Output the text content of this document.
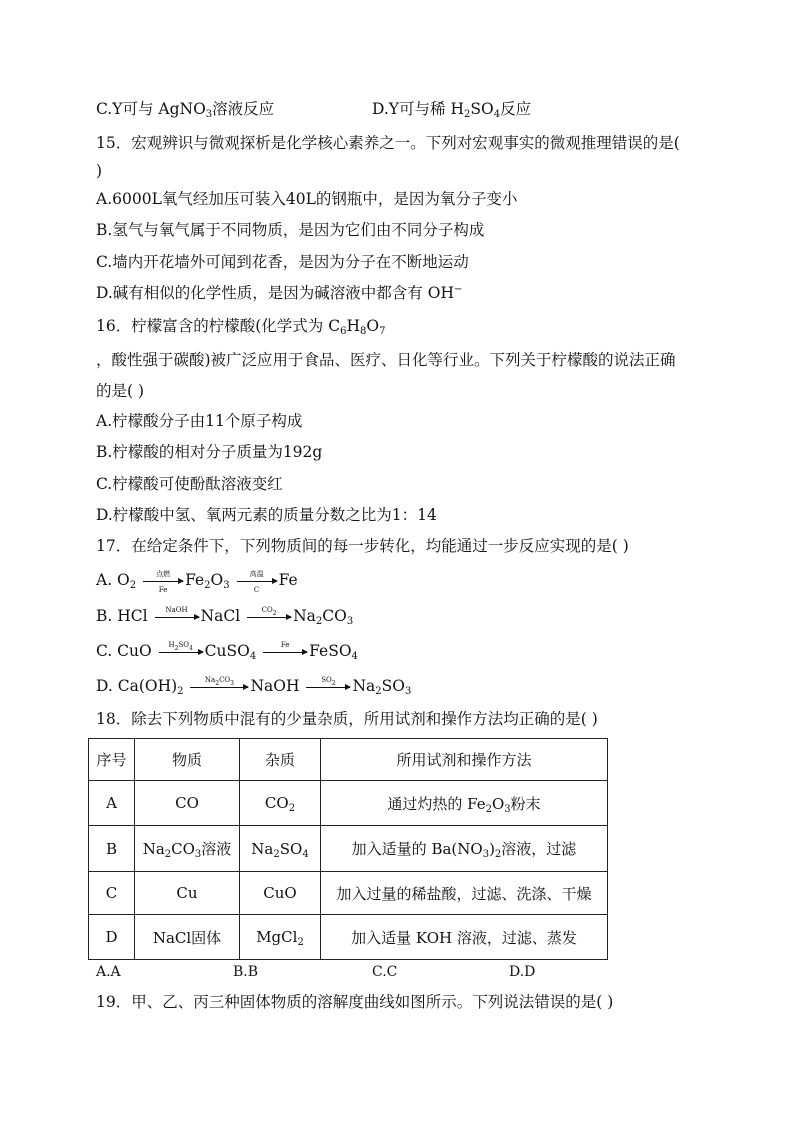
C.Y可与 AgNO$_3$溶液反应	D.Y可与稀 $H_2SO_4$反应
15．宏观辨识与微观探析是化学核心素养之一。下列对宏观事实的微观推理错误的是(
)
A.6000L氧气经加压可装入40L的钢瓶中，是因为氧分子变小
B.氢气与氧气属于不同物质，是因为它们由不同分子构成
C.墙内开花墙外可闻到花香，是因为分子在不断地运动
D.碱有相似的化学性质，是因为碱溶液中都含有 OH−
16．柠檬富含的柠檬酸(化学式为 $C_6H_8O_7$
，酸性强于碳酸)被广泛应用于食品、医疗、日化等行业。下列关于柠檬酸的说法正确
的是( )
A.柠檬酸分子由11个原子构成
B.柠檬酸的相对分子质量为192g
C.柠檬酸可使酚酞溶液变红
D.柠檬酸中氢、氧两元素的质量分数之比为1：14
17．在给定条件下，下列物质间的每一步转化，均能通过一步反应实现的是( )
A. $O_2$
点燃
Fe
$Fe_2O_3$
高温
C
Fe
B. HCl	NaOH NaCl	$CO_2$	$Na_2CO_3$
C. CuO	$H_2SO_4$ CuSO$_4$
Fe	FeSO$_4$
D. $Ca(OH)_2$
$Na_2CO_3$	NaOH	$SO_2$	$Na_2SO_3$
18．除去下列物质中混有的少量杂质，所用试剂和操作方法均正确的是( )
序号	物质	杂质	所用试剂和操作方法
A	CO	$CO_2$	通过灼热的 $Fe_2O_3$粉末
B	$Na_2CO_3$溶液	$Na_2SO_4$	加入适量的 $Ba(NO_3)_2$溶液，过滤
C	Cu	CuO	加入过量的稀盐酸，过滤、洗涤、干燥
D	NaCl固体	MgCl$_2$	加入适量 KOH 溶液，过滤、蒸发
A.A	B.B	C.C	D.D
19．甲、乙、丙三种固体物质的溶解度曲线如图所示。下列说法错误的是( )
